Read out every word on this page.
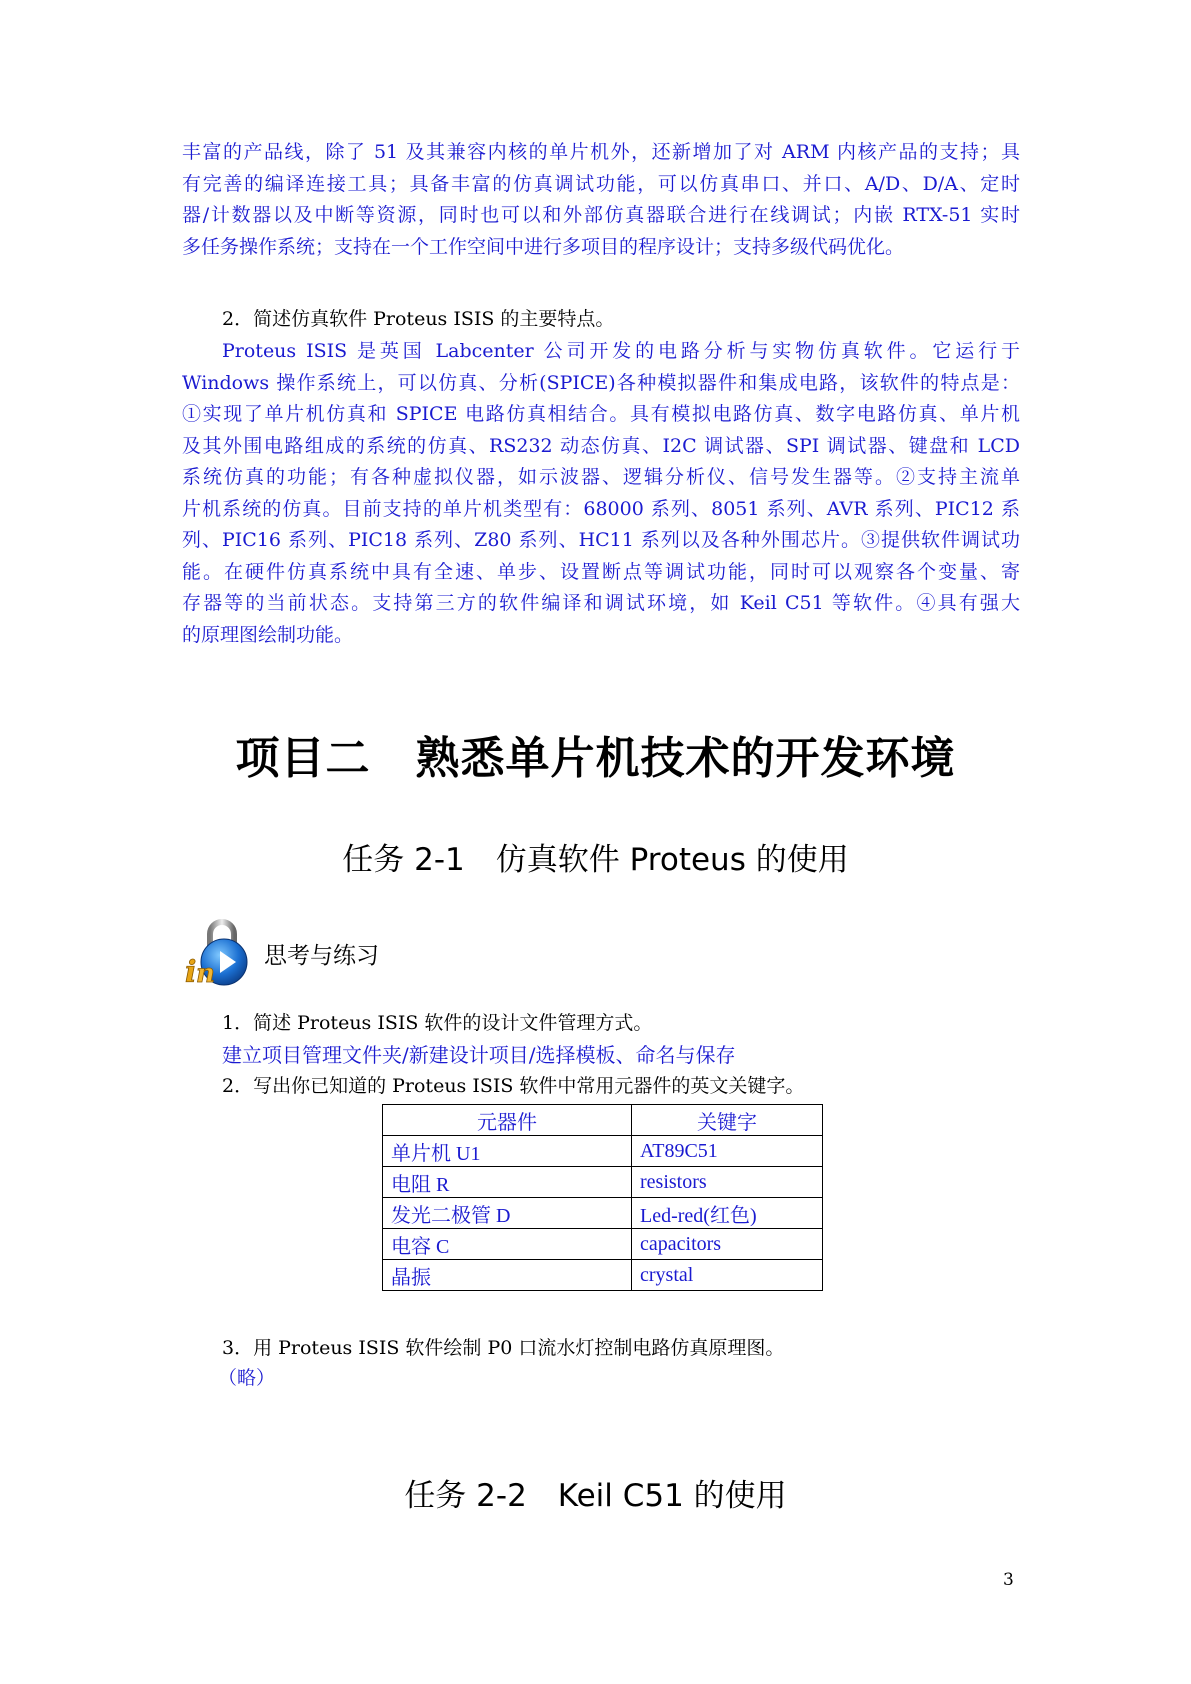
丰富的产品线，除了 51 及其兼容内核的单片机外，还新增加了对 ARM 内核产品的支持；具
有完善的编译连接工具；具备丰富的仿真调试功能，可以仿真串口、并口、A/D、D/A、定时
器/计数器以及中断等资源，同时也可以和外部仿真器联合进行在线调试；内嵌 RTX-51 实时
多任务操作系统；支持在一个工作空间中进行多项目的程序设计；支持多级代码优化。
2．简述仿真软件 Proteus ISIS 的主要特点。
Proteus ISIS 是英国 Labcenter 公司开发的电路分析与实物仿真软件。它运行于
Windows 操作系统上，可以仿真、分析(SPICE)各种模拟器件和集成电路，该软件的特点是：
①实现了单片机仿真和 SPICE 电路仿真相结合。具有模拟电路仿真、数字电路仿真、单片机
及其外围电路组成的系统的仿真、RS232 动态仿真、I2C 调试器、SPI 调试器、键盘和 LCD
系统仿真的功能；有各种虚拟仪器，如示波器、逻辑分析仪、信号发生器等。②支持主流单
片机系统的仿真。目前支持的单片机类型有：68000 系列、8051 系列、AVR 系列、PIC12 系
列、PIC16 系列、PIC18 系列、Z80 系列、HC11 系列以及各种外围芯片。③提供软件调试功
能。在硬件仿真系统中具有全速、单步、设置断点等调试功能，同时可以观察各个变量、寄
存器等的当前状态。支持第三方的软件编译和调试环境，如 Keil C51 等软件。④具有强大
的原理图绘制功能。
项目二　熟悉单片机技术的开发环境
任务 2-1　仿真软件 Proteus 的使用
i n
思考与练习
1．简述 Proteus ISIS 软件的设计文件管理方式。
建立项目管理文件夹/新建设计项目/选择模板、命名与保存
2．写出你已知道的 Proteus ISIS 软件中常用元器件的英文关键字。
元器件	关键字
单片机 U1	AT89C51
电阻 R	resistors
发光二极管 D	Led-red(红色)
电容 C	capacitors
晶振	crystal
3．用 Proteus ISIS 软件绘制 P0 口流水灯控制电路仿真原理图。
（略）
任务 2-2　Keil C51 的使用
3
